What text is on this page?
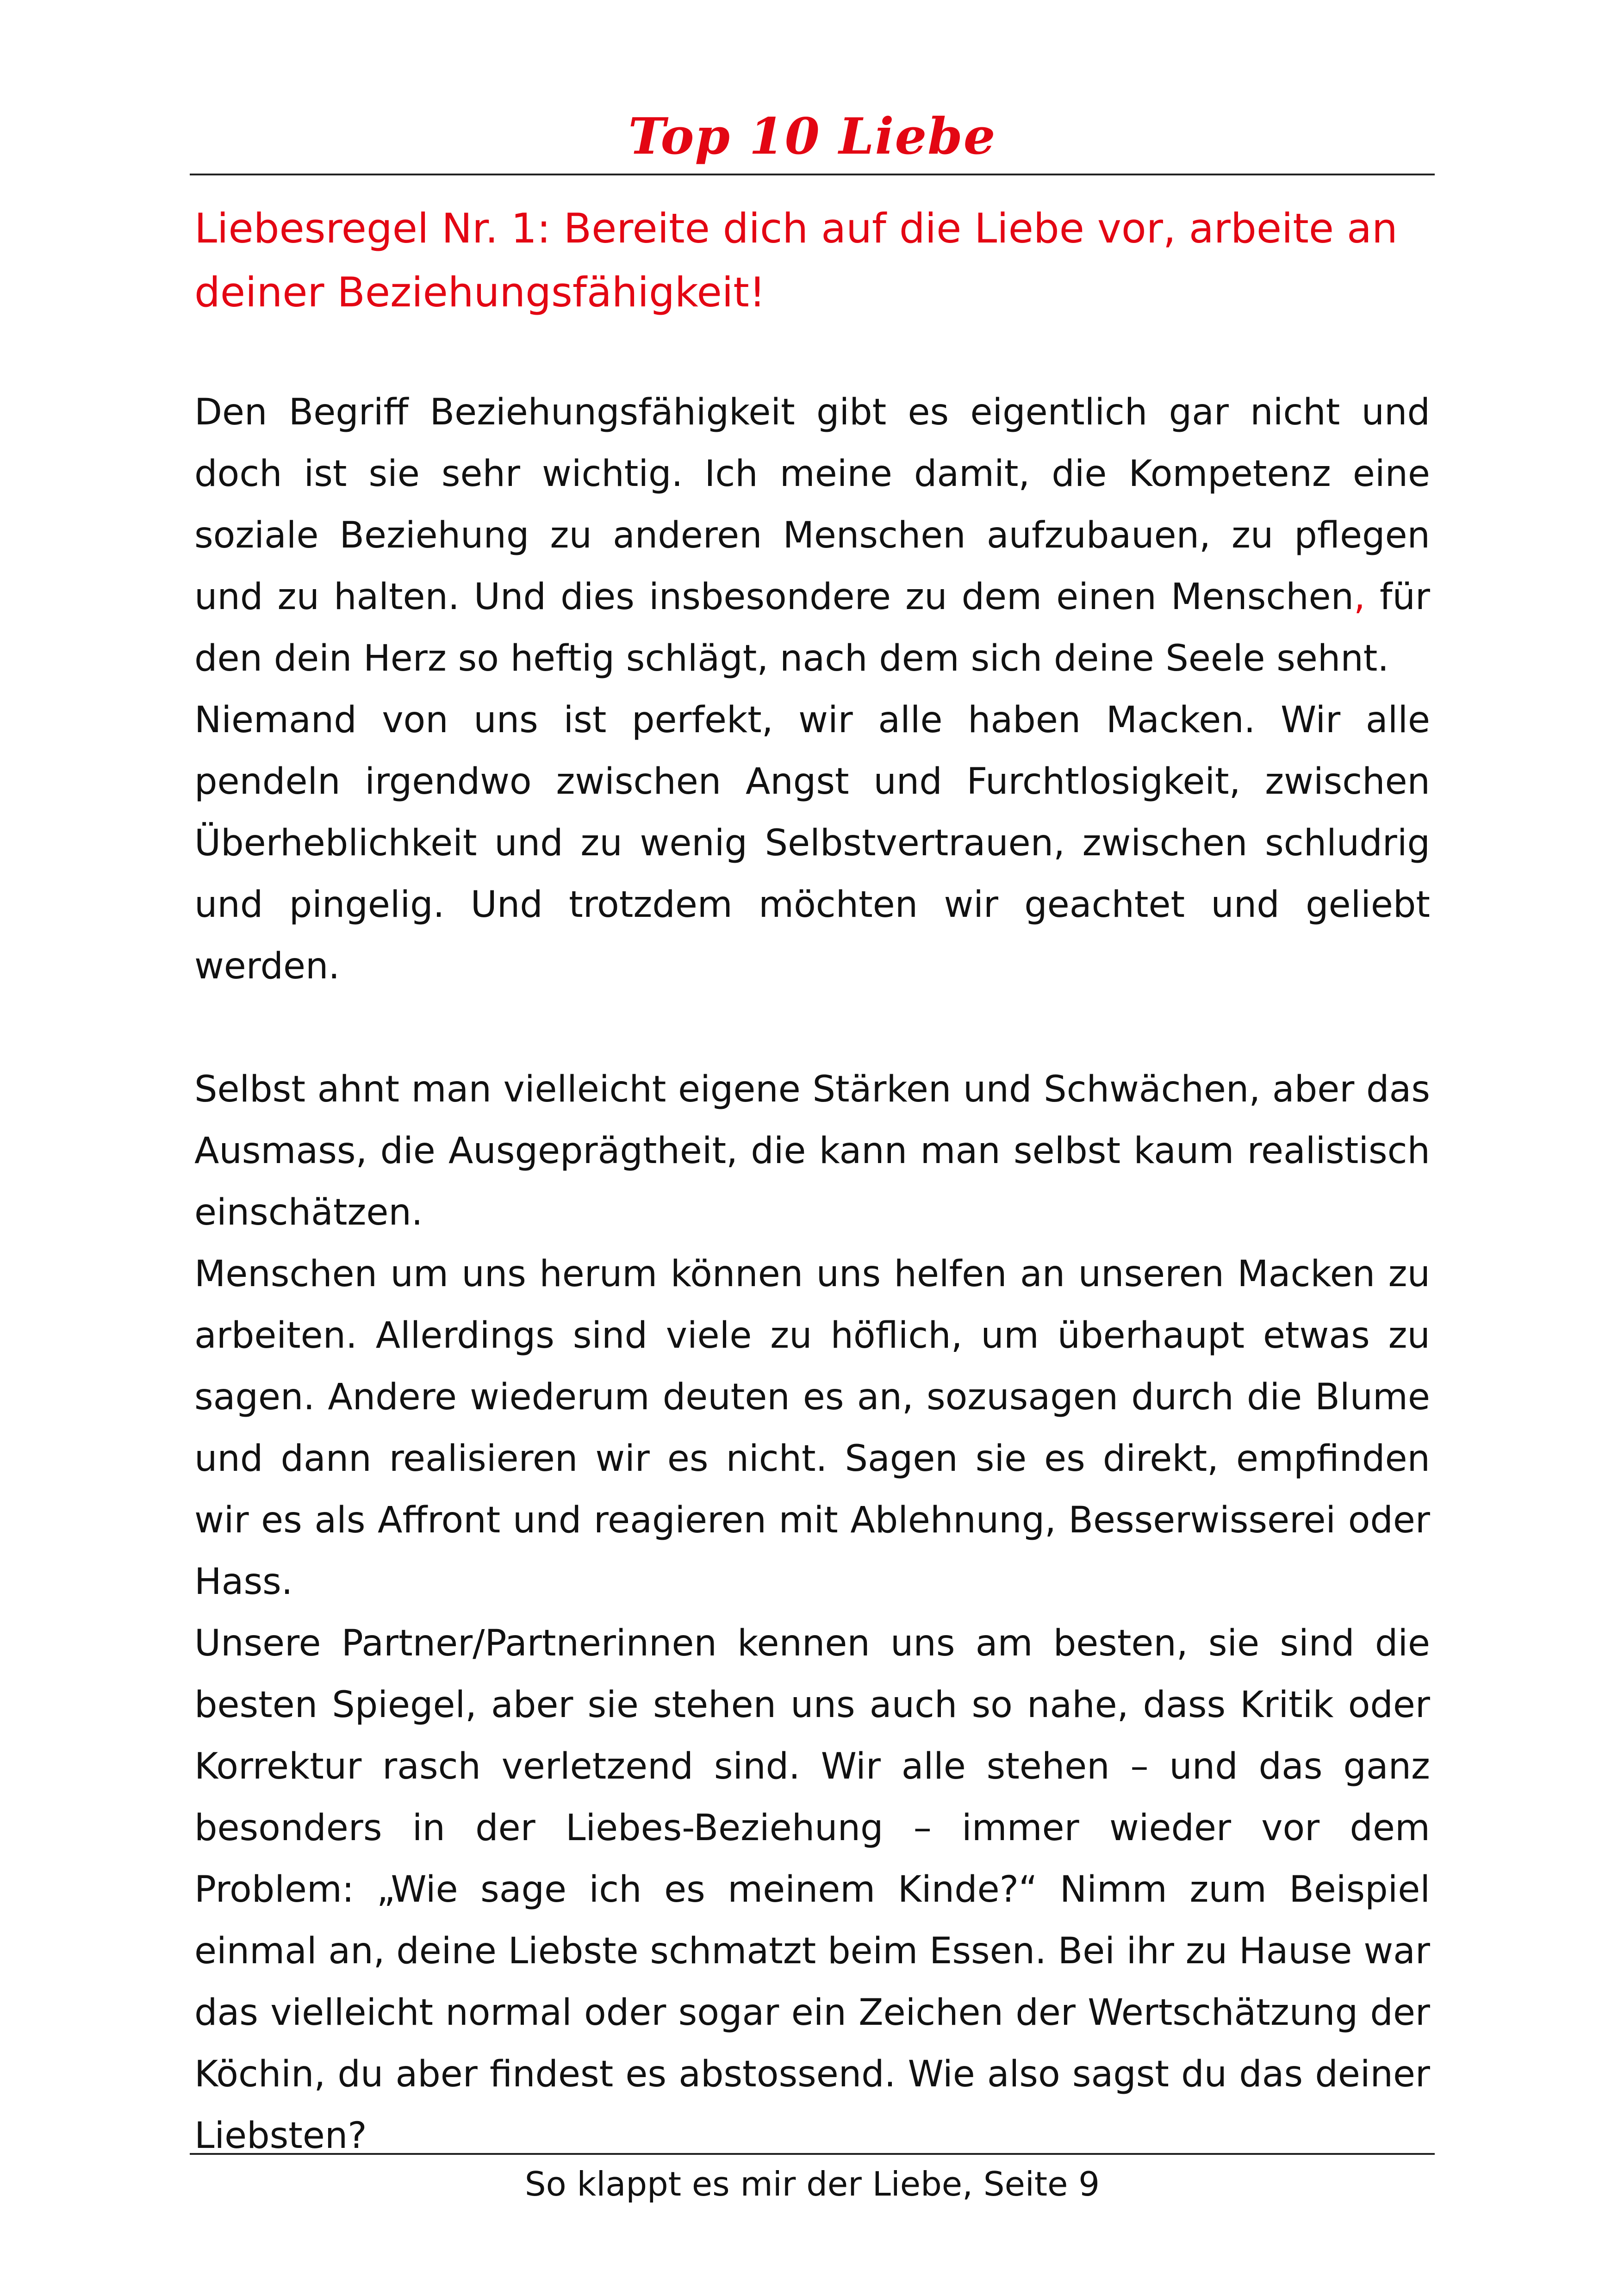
Top 10 Liebe
Liebesregel Nr. 1: Bereite dich auf die Liebe vor, arbeite an deiner Beziehungsfähigkeit!

Den Begriff Beziehungsfähigkeit gibt es eigentlich gar nicht und doch ist sie sehr wichtig. Ich meine damit, die Kompetenz eine soziale Beziehung zu anderen Menschen aufzubauen, zu pflegen und zu halten. Und dies insbesondere zu dem einen Menschen, für den dein Herz so heftig schlägt, nach dem sich deine Seele sehnt.

Niemand von uns ist perfekt, wir alle haben Macken. Wir alle pendeln irgendwo zwischen Angst und Furchtlosigkeit, zwischen Überheblichkeit und zu wenig Selbstvertrauen, zwischen schludrig und pingelig. Und trotzdem möchten wir geachtet und geliebt werden.

Selbst ahnt man vielleicht eigene Stärken und Schwächen, aber das Ausmass, die Ausgeprägtheit, die kann man selbst kaum realistisch einschätzen.

Menschen um uns herum können uns helfen an unseren Macken zu arbeiten. Allerdings sind viele zu höflich, um überhaupt etwas zu sagen. Andere wiederum deuten es an, sozusagen durch die Blume und dann realisieren wir es nicht. Sagen sie es direkt, empfinden wir es als Affront und reagieren mit Ablehnung, Besserwisserei oder Hass.

Unsere Partner/Partnerinnen kennen uns am besten, sie sind die besten Spiegel, aber sie stehen uns auch so nahe, dass Kritik oder Korrektur rasch verletzend sind. Wir alle stehen – und das ganz besonders in der Liebes-Beziehung – immer wieder vor dem Problem: „Wie sage ich es meinem Kinde?“ Nimm zum Beispiel einmal an, deine Liebste schmatzt beim Essen. Bei ihr zu Hause war das vielleicht normal oder sogar ein Zeichen der Wertschätzung der Köchin, du aber findest es abstossend. Wie also sagst du das deiner Liebsten?

So klappt es mir der Liebe, Seite 9
